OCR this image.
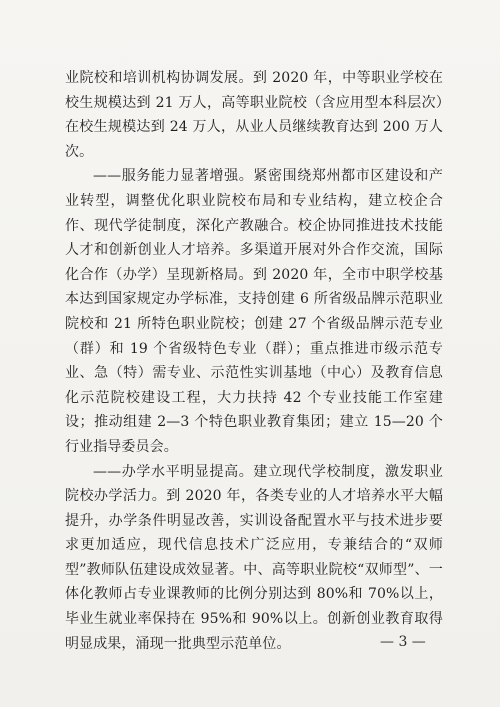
业院校和培训机构协调发展。到 2020 年，中等职业学校在校生规模达到 21 万人，高等职业院校（含应用型本科层次）在校生规模达到 24 万人，从业人员继续教育达到 200 万人次。

——服务能力显著增强。紧密围绕郑州都市区建设和产业转型，调整优化职业院校布局和专业结构，建立校企合作、现代学徒制度，深化产教融合。校企协同推进技术技能人才和创新创业人才培养。多渠道开展对外合作交流，国际化合作（办学）呈现新格局。到 2020 年，全市中职学校基本达到国家规定办学标准，支持创建 6 所省级品牌示范职业院校和 21 所特色职业院校；创建 27 个省级品牌示范专业（群）和 19 个省级特色专业（群）；重点推进市级示范专业、急（特）需专业、示范性实训基地（中心）及教育信息化示范院校建设工程，大力扶持 42 个专业技能工作室建设；推动组建 2—3 个特色职业教育集团；建立 15—20 个行业指导委员会。

——办学水平明显提高。建立现代学校制度，激发职业院校办学活力。到 2020 年，各类专业的人才培养水平大幅提升，办学条件明显改善，实训设备配置水平与技术进步要求更加适应，现代信息技术广泛应用，专兼结合的“双师型”教师队伍建设成效显著。中、高等职业院校“双师型”、一体化教师占专业课教师的比例分别达到 80%和 70%以上，毕业生就业率保持在 95%和 90%以上。创新创业教育取得明显成果，涌现一批典型示范单位。	— 3 —
